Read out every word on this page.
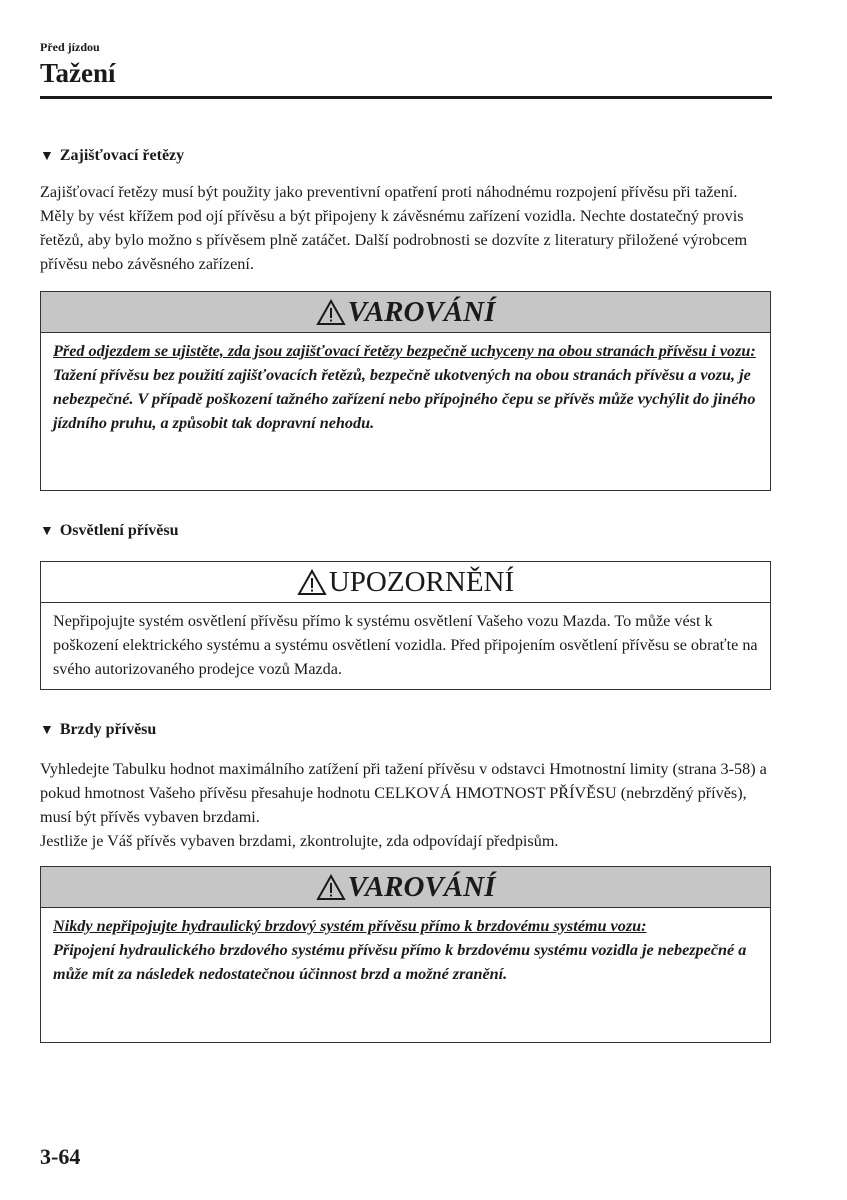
Před jízdou
Tažení
▼ Zajišťovací řetězy

Zajišťovací řetězy musí být použity jako preventivní opatření proti náhodnému rozpojení přívěsu při tažení. Měly by vést křížem pod ojí přívěsu a být připojeny k závěsnému zařízení vozidla. Nechte dostatečný provis řetězů, aby bylo možno s přívěsem plně zatáčet. Další podrobnosti se dozvíte z literatury přiložené výrobcem přívěsu nebo závěsného zařízení.

VAROVÁNÍ

Před odjezdem se ujistěte, zda jsou zajišťovací řetězy bezpečně uchyceny na obou stranách přívěsu i vozu:

Tažení přívěsu bez použití zajišťovacích řetězů, bezpečně ukotvených na obou stranách přívěsu a vozu, je nebezpečné. V případě poškození tažného zařízení nebo přípojného čepu se přívěs může vychýlit do jiného jízdního pruhu, a způsobit tak dopravní nehodu.

▼ Osvětlení přívěsu
UPOZORNĚNÍ

Nepřipojujte systém osvětlení přívěsu přímo k systému osvětlení Vašeho vozu Mazda. To může vést k poškození elektrického systému a systému osvětlení vozidla. Před připojením osvětlení přívěsu se obraťte na svého autorizovaného prodejce vozů Mazda.

▼ Brzdy přívěsu

Vyhledejte Tabulku hodnot maximálního zatížení při tažení přívěsu v odstavci Hmotnostní limity (strana 3-58) a pokud hmotnost Vašeho přívěsu přesahuje hodnotu CELKOVÁ HMOTNOST PŘÍVĚSU (nebrzděný přívěs), musí být přívěs vybaven brzdami.

Jestliže je Váš přívěs vybaven brzdami, zkontrolujte, zda odpovídají předpisům.

VAROVÁNÍ

Nikdy nepřipojujte hydraulický brzdový systém přívěsu přímo k brzdovému systému vozu:

Připojení hydraulického brzdového systému přívěsu přímo k brzdovému systému vozidla je nebezpečné a může mít za následek nedostatečnou účinnost brzd a možné zranění.

3-64
